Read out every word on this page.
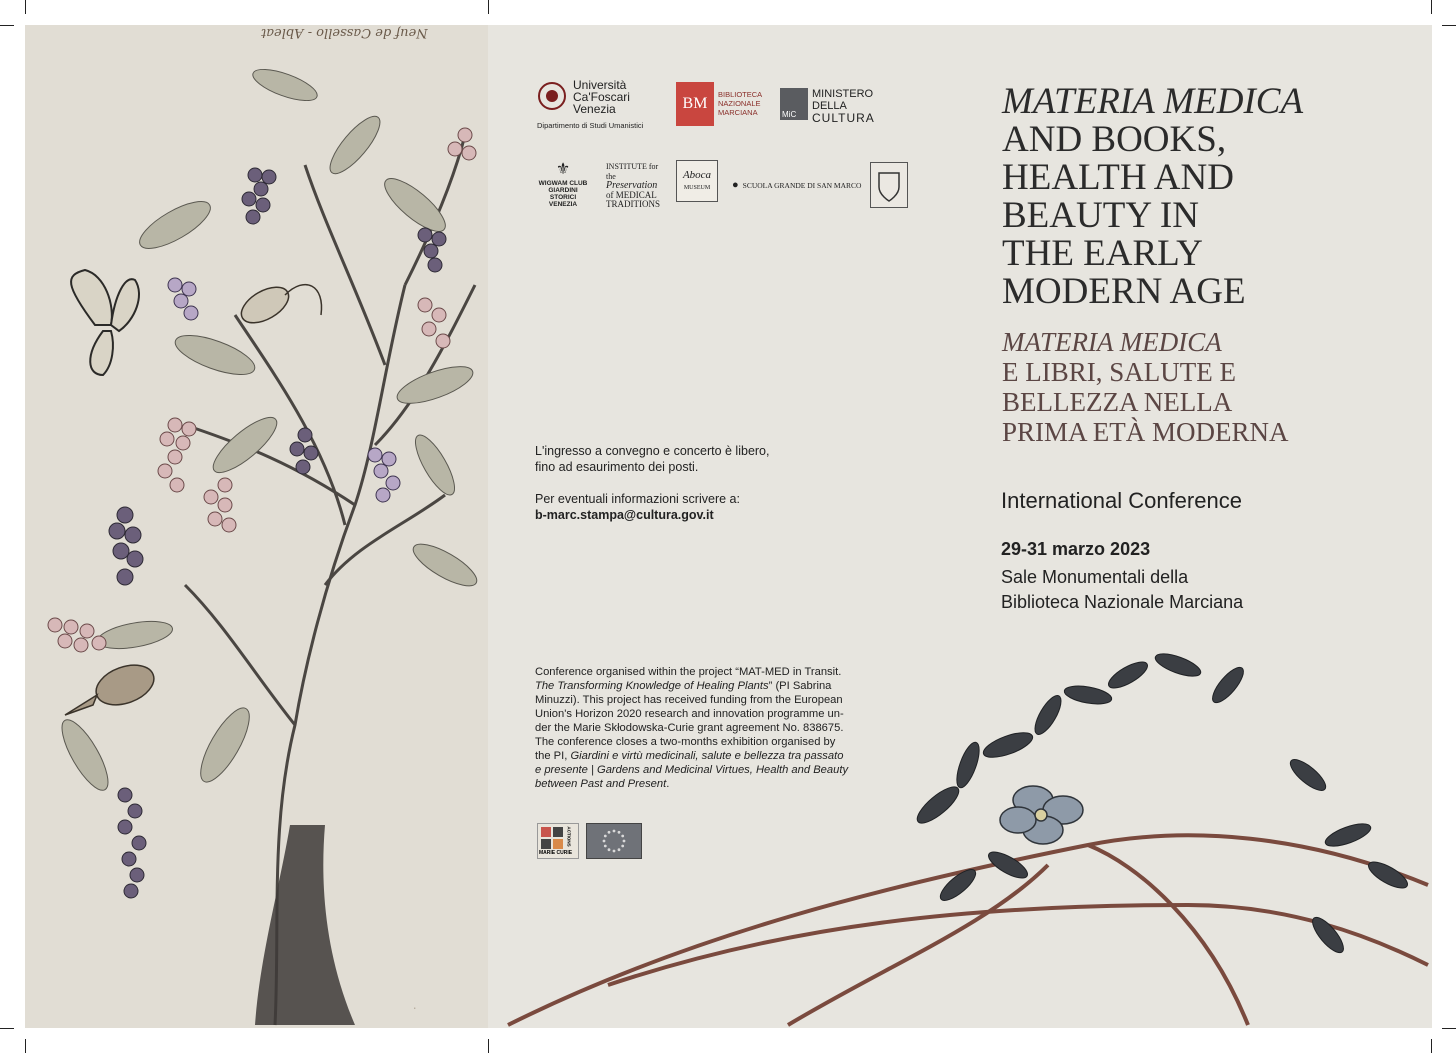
.
Neuf de Cassello - Ableat
Università
Ca'Foscari
Venezia
Dipartimento di Studi Umanistici
BM
BIBLIOTECA
NAZIONALE
MARCIANA	MiC
MINISTERO
DELLA
CULTURA
⚜
WIGWAM CLUB
GIARDINI STORICI
VENEZIA
INSTITUTE for the
Preservation
of MEDICAL
TRADITIONS
Aboca
MUSEUM	● SCUOLA GRANDE DI SAN MARCO
MATERIA MEDICA
AND BOOKS,
HEALTH AND
BEAUTY IN
THE EARLY
MODERN AGE
MATERIA MEDICA
E LIBRI, SALUTE E
BELLEZZA NELLA
PRIMA ETÀ MODERNA
International Conference
29-31 marzo 2023
Sale Monumentali della
Biblioteca Nazionale Marciana
L'ingresso a convegno e concerto è libero,
fino ad esaurimento dei posti.
Per eventuali informazioni scrivere a:
b-marc.stampa@cultura.gov.it
Conference organised within the project “MAT-MED in Transit.
The Transforming Knowledge of Healing Plants” (PI Sabrina
Minuzzi). This project has received funding from the European
Union's Horizon 2020 research and innovation programme un-
der the Marie Skłodowska-Curie grant agreement No. 838675.
The conference closes a two-months exhibition organised by
the PI, Giardini e virtù medicinali, salute e bellezza tra passato
e presente | Gardens and Medicinal Virtues, Health and Beauty
between Past and Present.
MARIE CURIE
ACTIONS
